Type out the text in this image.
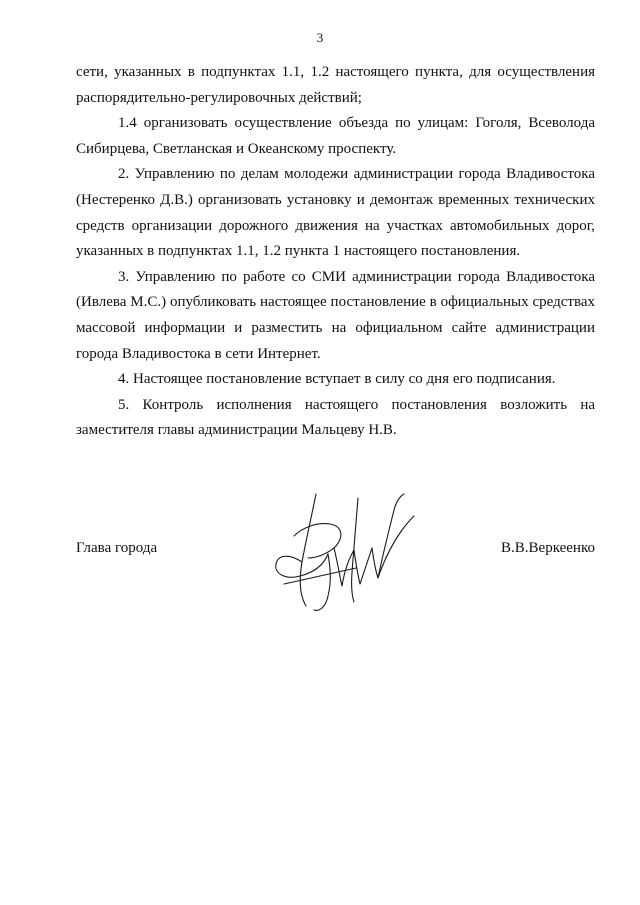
3

сети, указанных в подпунктах 1.1, 1.2 настоящего пункта, для осуществления распорядительно-регулировочных действий;

1.4 организовать осуществление объезда по улицам: Гоголя, Всеволода Сибирцева, Светланская и Океанскому проспекту.

2. Управлению по делам молодежи администрации города Владивостока (Нестеренко Д.В.) организовать установку и демонтаж временных технических средств организации дорожного движения на участках автомобильных дорог, указанных в подпунктах 1.1, 1.2 пункта 1 настоящего постановления.

3. Управлению по работе со СМИ администрации города Владивостока (Ивлева М.С.) опубликовать настоящее постановление в официальных средствах массовой информации и разместить на официальном сайте администрации города Владивостока в сети Интернет.

4. Настоящее постановление вступает в силу со дня его подписания.

5. Контроль исполнения настоящего постановления возложить на заместителя главы администрации Мальцеву Н.В.

Глава города	В.В.Веркеенко
